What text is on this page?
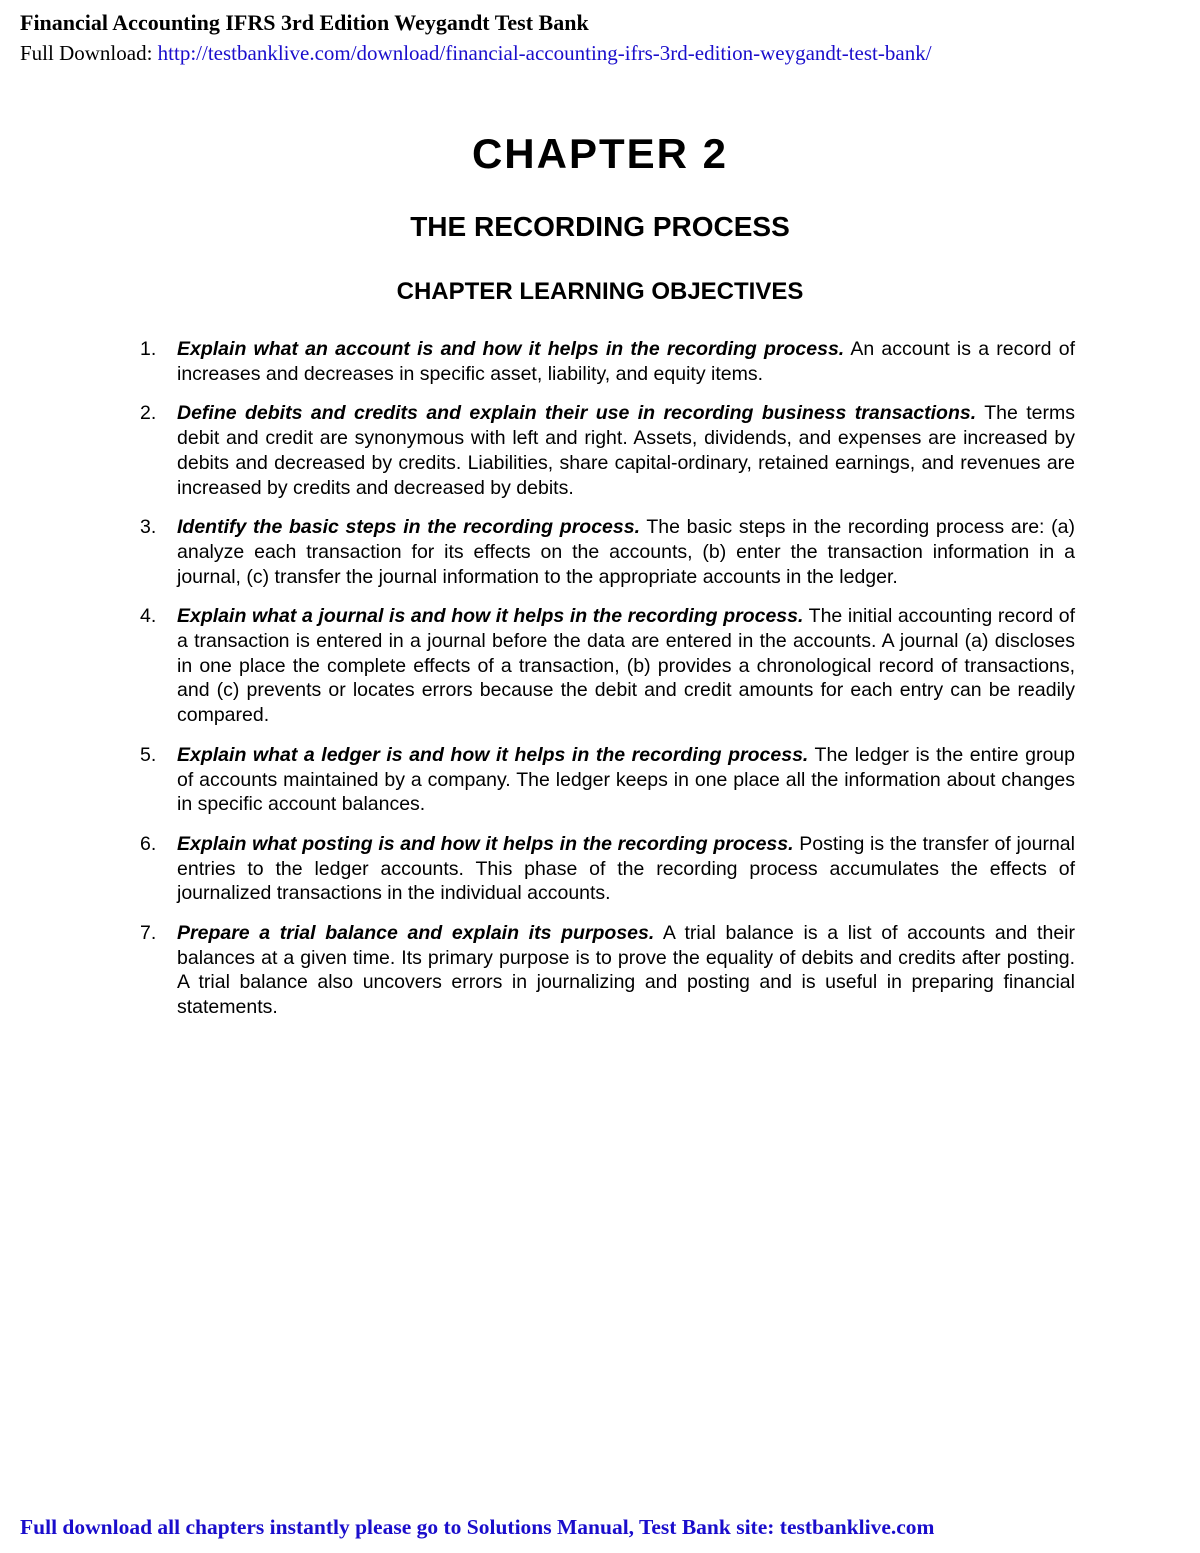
Financial Accounting IFRS 3rd Edition Weygandt Test Bank
Full Download: http://testbanklive.com/download/financial-accounting-ifrs-3rd-edition-weygandt-test-bank/
CHAPTER 2
THE RECORDING PROCESS
CHAPTER LEARNING OBJECTIVES
1. Explain what an account is and how it helps in the recording process. An account is a record of increases and decreases in specific asset, liability, and equity items.
2. Define debits and credits and explain their use in recording business transactions. The terms debit and credit are synonymous with left and right. Assets, dividends, and expenses are increased by debits and decreased by credits. Liabilities, share capital-ordinary, retained earnings, and revenues are increased by credits and decreased by debits.
3. Identify the basic steps in the recording process. The basic steps in the recording process are: (a) analyze each transaction for its effects on the accounts, (b) enter the transaction information in a journal, (c) transfer the journal information to the appropriate accounts in the ledger.
4. Explain what a journal is and how it helps in the recording process. The initial accounting record of a transaction is entered in a journal before the data are entered in the accounts. A journal (a) discloses in one place the complete effects of a transaction, (b) provides a chronological record of transactions, and (c) prevents or locates errors because the debit and credit amounts for each entry can be readily compared.
5. Explain what a ledger is and how it helps in the recording process. The ledger is the entire group of accounts maintained by a company. The ledger keeps in one place all the information about changes in specific account balances.
6. Explain what posting is and how it helps in the recording process. Posting is the transfer of journal entries to the ledger accounts. This phase of the recording process accumulates the effects of journalized transactions in the individual accounts.
7. Prepare a trial balance and explain its purposes. A trial balance is a list of accounts and their balances at a given time. Its primary purpose is to prove the equality of debits and credits after posting. A trial balance also uncovers errors in journalizing and posting and is useful in preparing financial statements.
Full download all chapters instantly please go to Solutions Manual, Test Bank site: testbanklive.com
